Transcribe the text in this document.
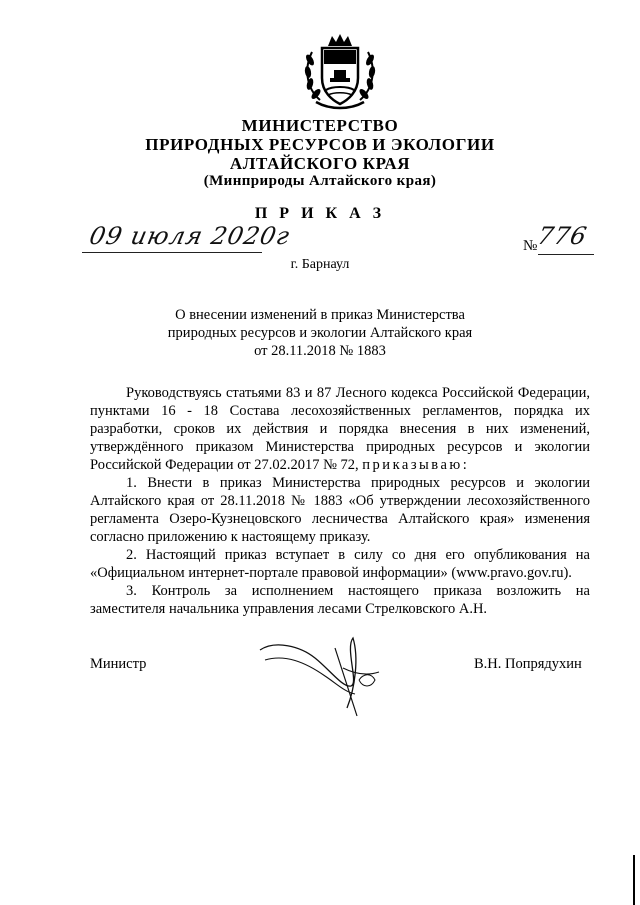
МИНИСТЕРСТВО
ПРИРОДНЫХ РЕСУРСОВ И ЭКОЛОГИИ
АЛТАЙСКОГО КРАЯ
(Минприроды Алтайского края)
П Р И К А З
09 июля 2020г	№
776
г. Барнаул
О внесении изменений в приказ Министерства
природных ресурсов и экологии Алтайского края
от 28.11.2018 № 1883

Руководствуясь статьями 83 и 87 Лесного кодекса Российской Федерации, пунктами 16 - 18 Состава лесохозяйственных регламентов, порядка их разработки, сроков их действия и порядка внесения в них изменений, утверждённого приказом Министерства природных ресурсов и экологии Российской Федерации от 27.02.2017 № 72, приказываю:

1. Внести в приказ Министерства природных ресурсов и экологии Алтайского края от 28.11.2018 № 1883 «Об утверждении лесохозяйственного регламента Озеро-Кузнецовского лесничества Алтайского края» изменения согласно приложению к настоящему приказу.

2. Настоящий приказ вступает в силу со дня его опубликования на «Официальном интернет-портале правовой информации» (www.pravo.gov.ru).

3. Контроль за исполнением настоящего приказа возложить на заместителя начальника управления лесами Стрелковского А.Н.

Министр	В.Н. Попрядухин
